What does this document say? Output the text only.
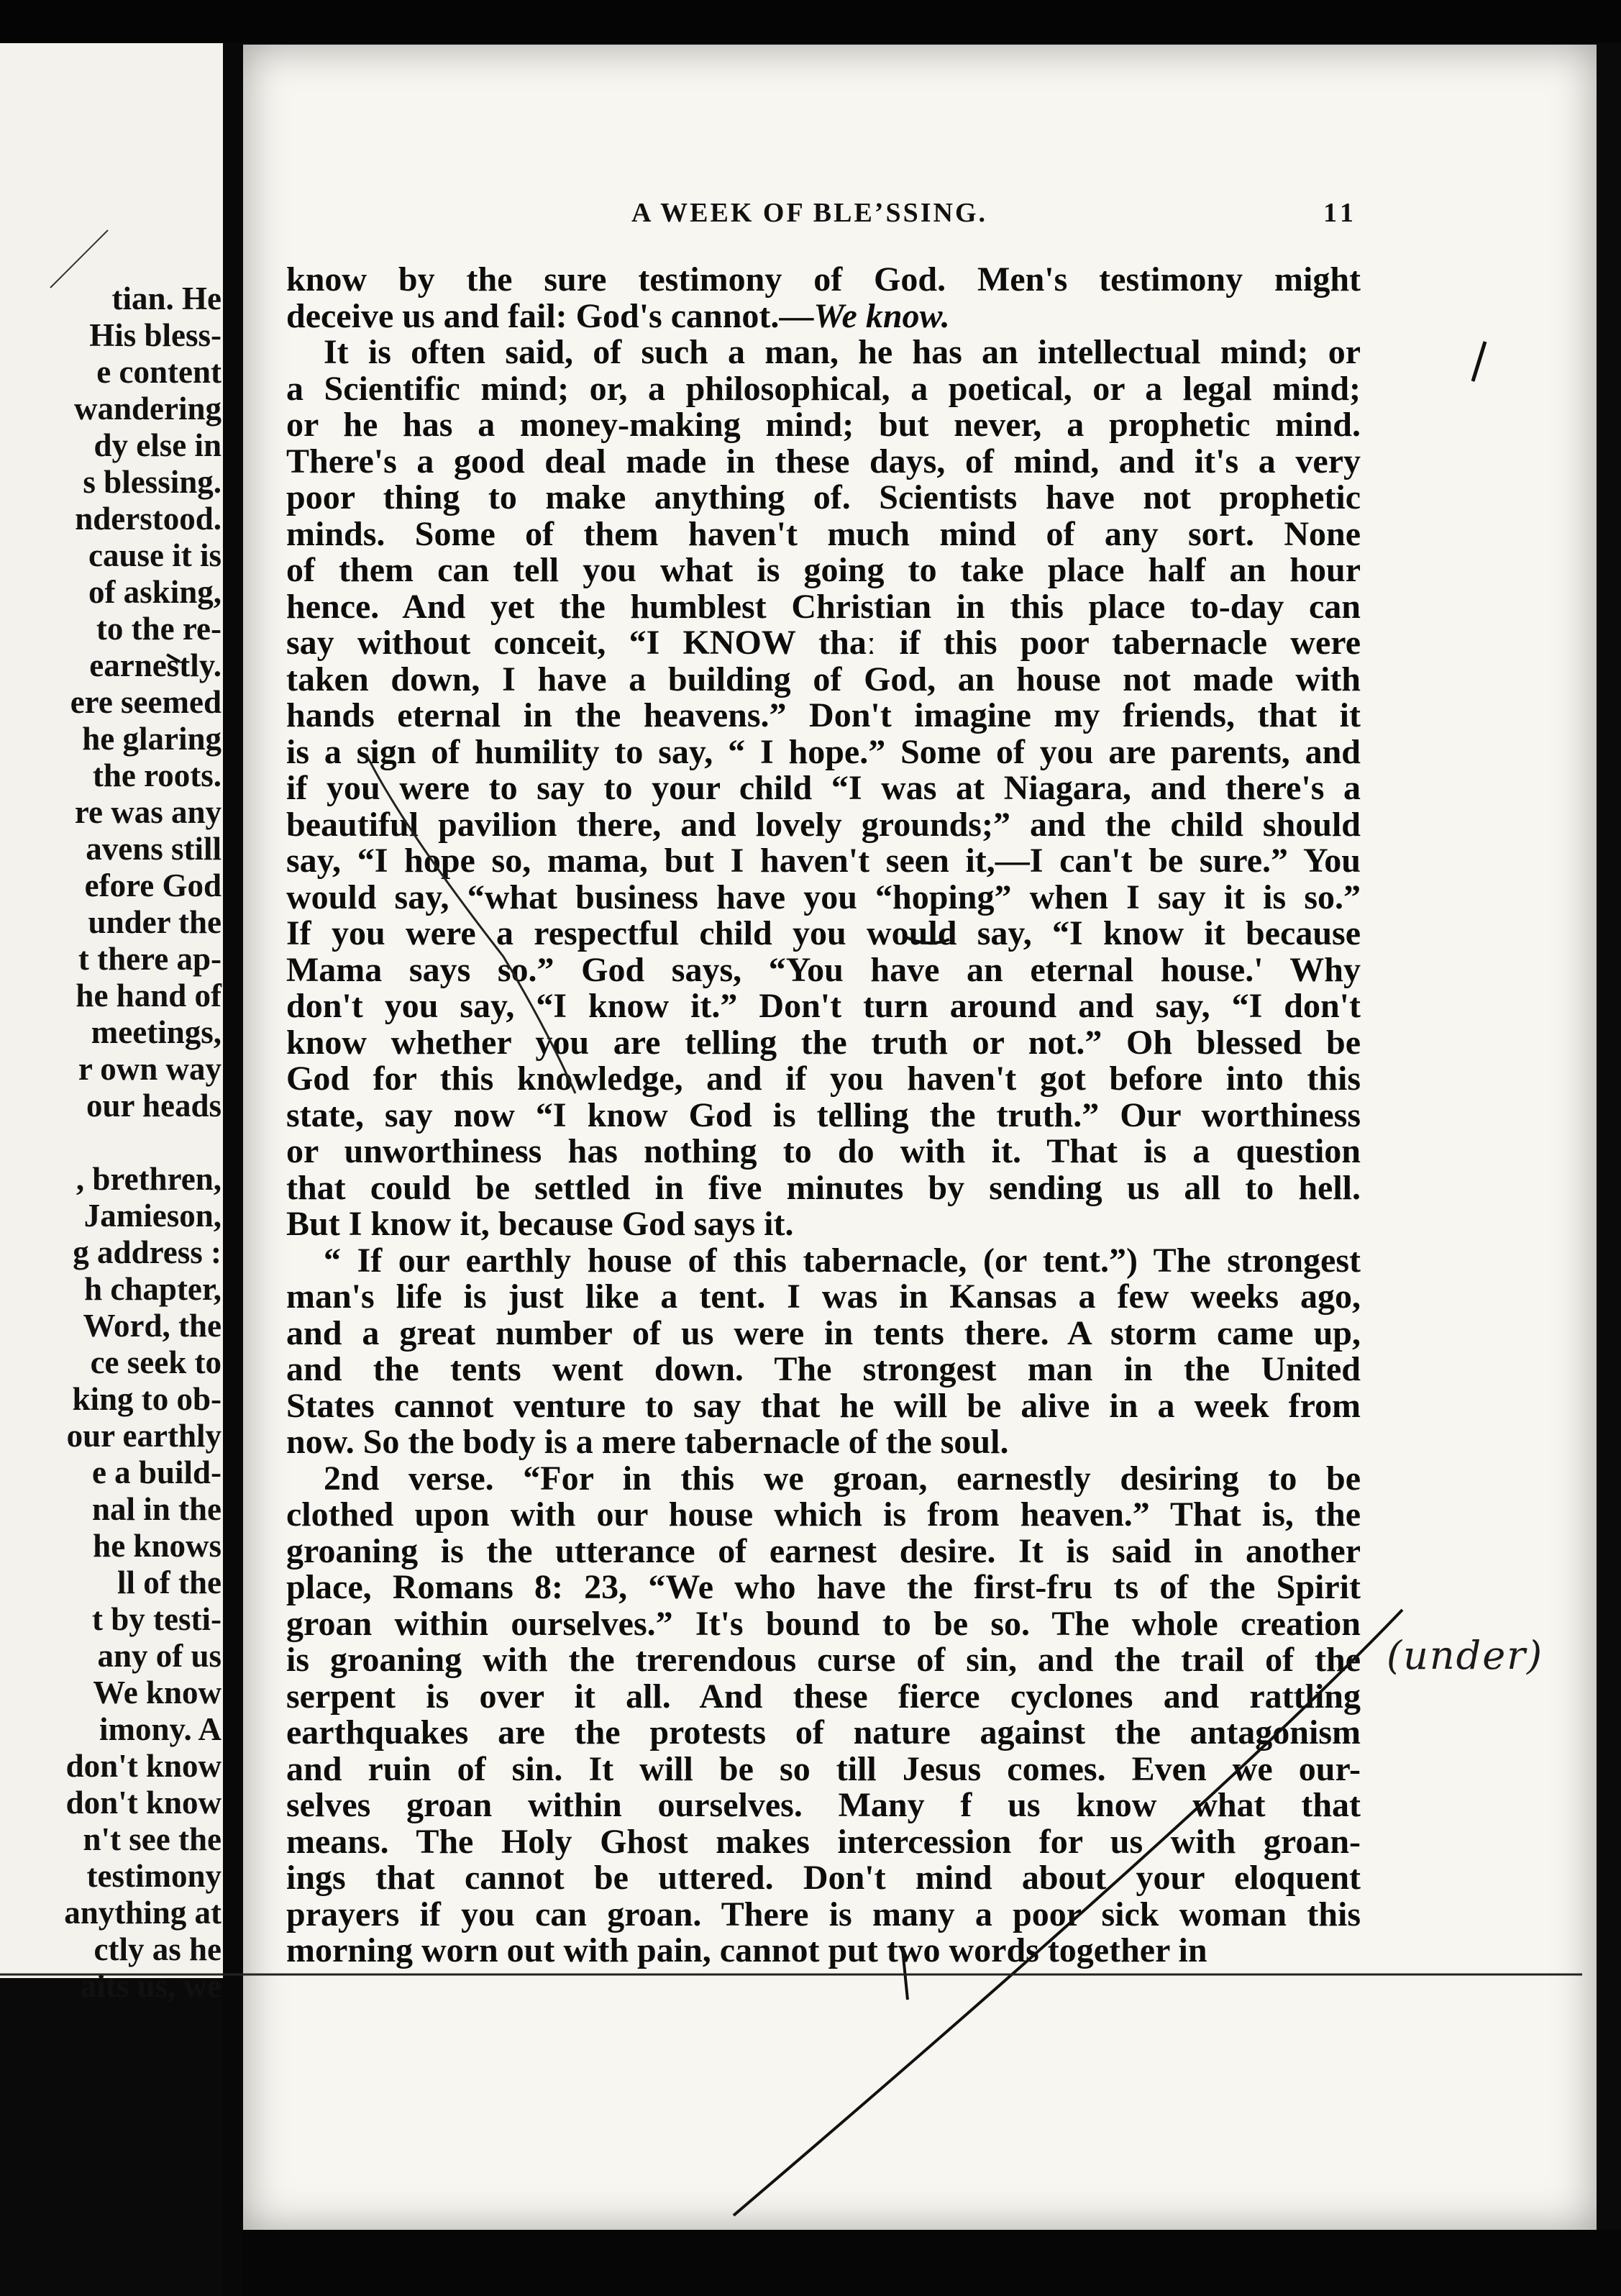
tian. He
His bless-
e content
wandering
dy else in
s blessing.
nderstood.
cause it is
of asking,
to the re-
earnestly.
ere seemed
he glaring
the roots.
re was any
avens still
efore God
under the
t there ap-
he hand of
meetings,
r own way
our heads
, brethren,
Jamieson,
g address :
h chapter,
Word, the
ce seek to
king to ob-
our earthly
e a build-
nal in the
he knows
ll of the
t by testi-
any of us
We know
imony. A
don't know
don't know
n't see the
testimony
anything at
ctly as he
aits us, we
A WEEK OF BLEʼSSING.	11
know by the sure testimony of God. Men's testimony might
deceive us and fail: God's cannot.—We know.
It is often said, of such a man, he has an intellectual mind; or
a Scientific mind; or, a philosophical, a poetical, or a legal mind;
or he has a money-making mind; but never, a prophetic mind.
There's a good deal made in these days, of mind, and it's a very
poor thing to make anything of. Scientists have not prophetic
minds. Some of them haven't much mind of any sort. None
of them can tell you what is going to take place half an hour
hence. And yet the humblest Christian in this place to-day can
say without conceit, “I KNOW thaː if this poor tabernacle were
taken down, I have a building of God, an house not made with
hands eternal in the heavens.” Don't imagine my friends, that it
is a sign of humility to say, “ I hope.” Some of you are parents, and
if you were to say to your child “I was at Niagara, and there's a
beautiful pavilion there, and lovely grounds;” and the child should
say, “I hope so, mama, but I haven't seen it,—I can't be sure.” You
would say, “what business have you “hoping” when I say it is so.”
If you were a respectful child you would say, “I know it because
Mama says so.” God says, “You have an eternal house.' Why
don't you say, “I know it.” Don't turn around and say, “I don't
know whether you are telling the truth or not.” Oh blessed be
God for this knowledge, and if you haven't got before into this
state, say now “I know God is telling the truth.” Our worthiness
or unworthiness has nothing to do with it. That is a question
that could be settled in five minutes by sending us all to hell.
But I know it, because God says it.
“ If our earthly house of this tabernacle, (or tent.”) The strongest
man's life is just like a tent. I was in Kansas a few weeks ago,
and a great number of us were in tents there. A storm came up,
and the tents went down. The strongest man in the United
States cannot venture to say that he will be alive in a week from
now. So the body is a mere tabernacle of the soul.
2nd verse. “For in this we groan, earnestly desiring to be
clothed upon with our house which is from heaven.” That is, the
groaning is the utterance of earnest desire. It is said in another
place, Romans 8: 23, “We who have the first-fru ts of the Spirit
groan within ourselves.” It's bound to be so. The whole creation
is groaning with the treгendous curse of sin, and the trail of the
serpent is over it all. And these fierce cyclones and rattling
earthquakes are the protests of nature against the antagonism
and ruin of sin. It will be so till Jesus comes. Even we our-
selves groan within ourselves. Many f us know what that
means. The Holy Ghost makes intercession for us with groan-
ings that cannot be uttered. Don't mind about your eloquent
prayers if you can groan. There is many a poor sick woman this
morning worn out with pain, cannot put two words together in
(under)
